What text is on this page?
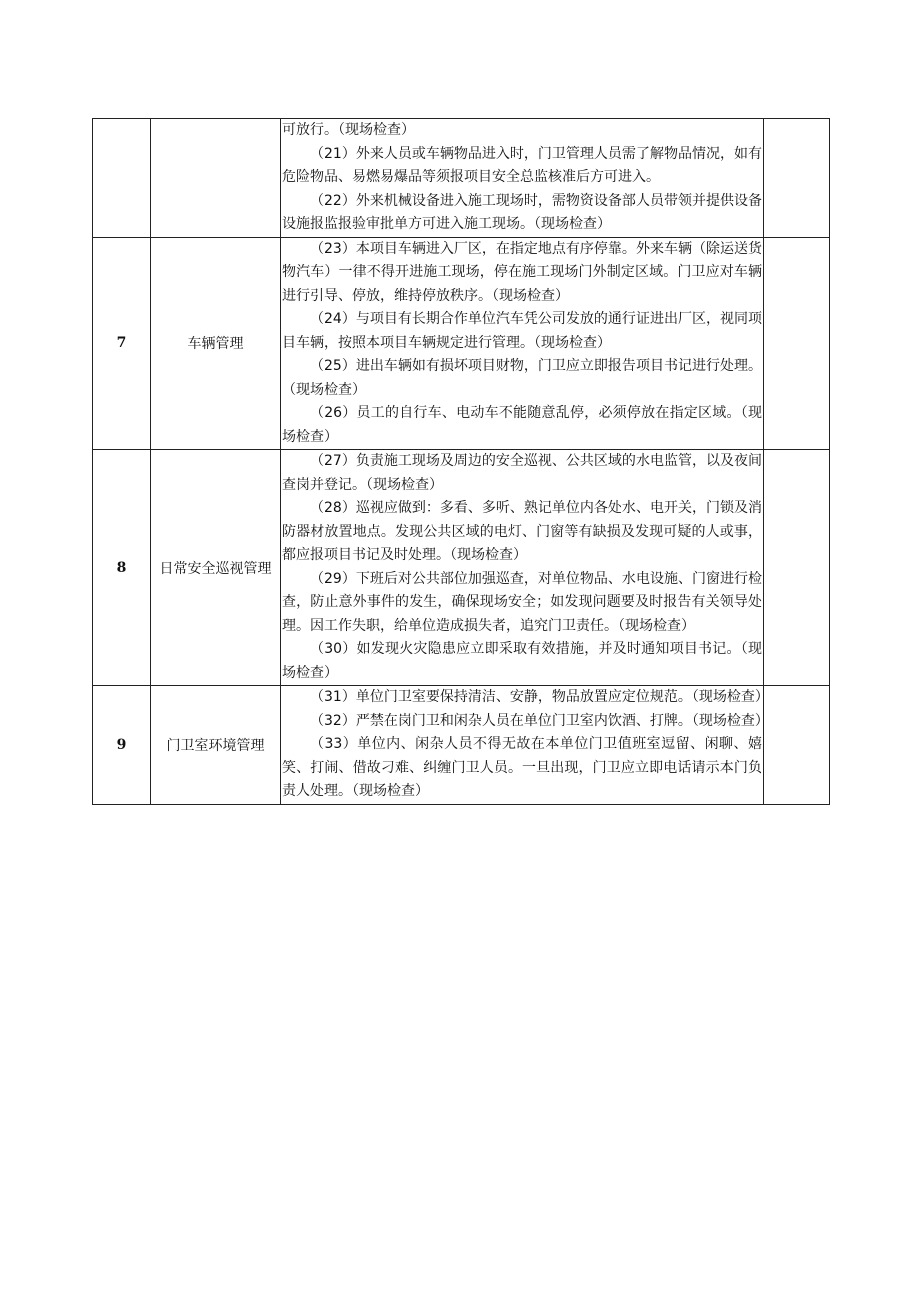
		可放行。（现场检查）

（21）外来人员或车辆物品进入时，门卫管理人员需了解物品情况，如有危险物品、易燃易爆品等须报项目安全总监核准后方可进入。

（22）外来机械设备进入施工现场时，需物资设备部人员带领并提供设备设施报监报验审批单方可进入施工现场。（现场检查）	

7	车辆管理	（23）本项目车辆进入厂区，在指定地点有序停靠。外来车辆（除运送货物汽车）一律不得开进施工现场，停在施工现场门外制定区域。门卫应对车辆进行引导、停放，维持停放秩序。（现场检查）

（24）与项目有长期合作单位汽车凭公司发放的通行证进出厂区，视同项目车辆，按照本项目车辆规定进行管理。（现场检查）

（25）进出车辆如有损坏项目财物，门卫应立即报告项目书记进行处理。（现场检查）

（26）员工的自行车、电动车不能随意乱停，必须停放在指定区域。（现场检查）	

8	日常安全巡视管理	（27）负责施工现场及周边的安全巡视、公共区域的水电监管，以及夜间查岗并登记。（现场检查）

（28）巡视应做到：多看、多听、熟记单位内各处水、电开关，门锁及消防器材放置地点。发现公共区域的电灯、门窗等有缺损及发现可疑的人或事，都应报项目书记及时处理。（现场检查）

（29）下班后对公共部位加强巡查，对单位物品、水电设施、门窗进行检查，防止意外事件的发生，确保现场安全；如发现问题要及时报告有关领导处理。因工作失职，给单位造成损失者，追究门卫责任。（现场检查）

（30）如发现火灾隐患应立即采取有效措施，并及时通知项目书记。（现场检查）	

9	门卫室环境管理	（31）单位门卫室要保持清洁、安静，物品放置应定位规范。（现场检查）

（32）严禁在岗门卫和闲杂人员在单位门卫室内饮酒、打牌。（现场检查）

（33）单位内、闲杂人员不得无故在本单位门卫值班室逗留、闲聊、嬉笑、打闹、借故刁难、纠缠门卫人员。一旦出现，门卫应立即电话请示本门负责人处理。（现场检查）	
